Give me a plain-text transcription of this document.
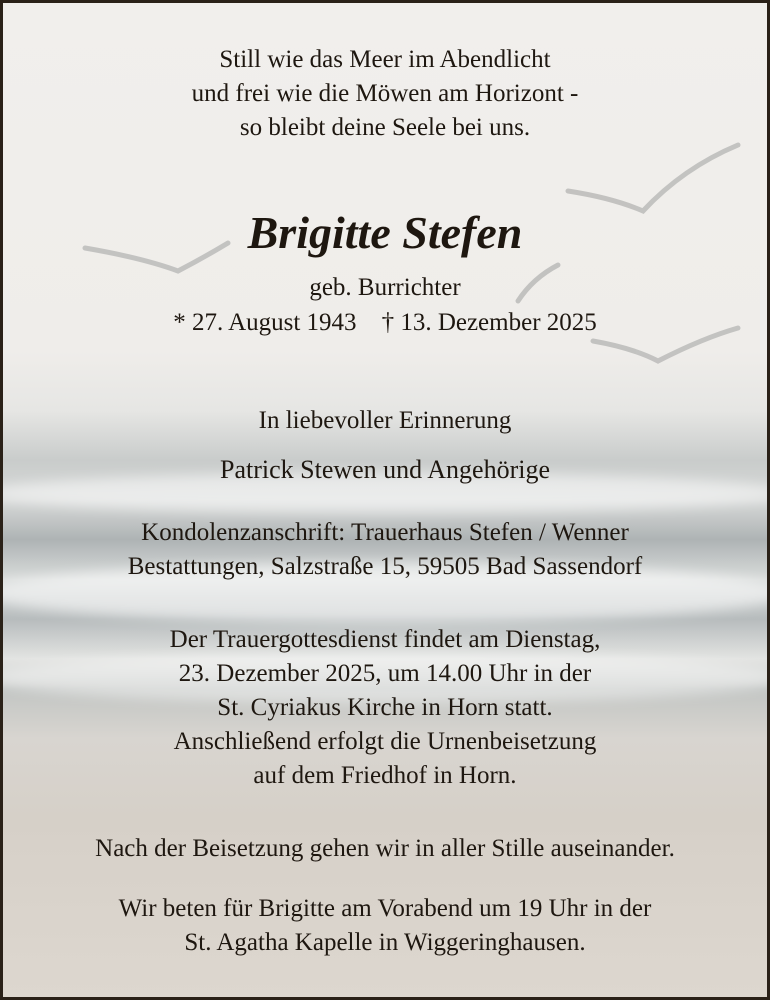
Still wie das Meer im Abendlicht
und frei wie die Möwen am Horizont -
so bleibt deine Seele bei uns.
Brigitte Stefen
geb. Burrichter
* 27. August 1943 † 13. Dezember 2025
In liebevoller Erinnerung
Patrick Stewen und Angehörige
Kondolenzanschrift: Trauerhaus Stefen / Wenner
Bestattungen, Salzstraße 15, 59505 Bad Sassendorf
Der Trauergottesdienst findet am Dienstag,
23. Dezember 2025, um 14.00 Uhr in der
St. Cyriakus Kirche in Horn statt.
Anschließend erfolgt die Urnenbeisetzung
auf dem Friedhof in Horn.
Nach der Beisetzung gehen wir in aller Stille auseinander.
Wir beten für Brigitte am Vorabend um 19 Uhr in der
St. Agatha Kapelle in Wiggeringhausen.
